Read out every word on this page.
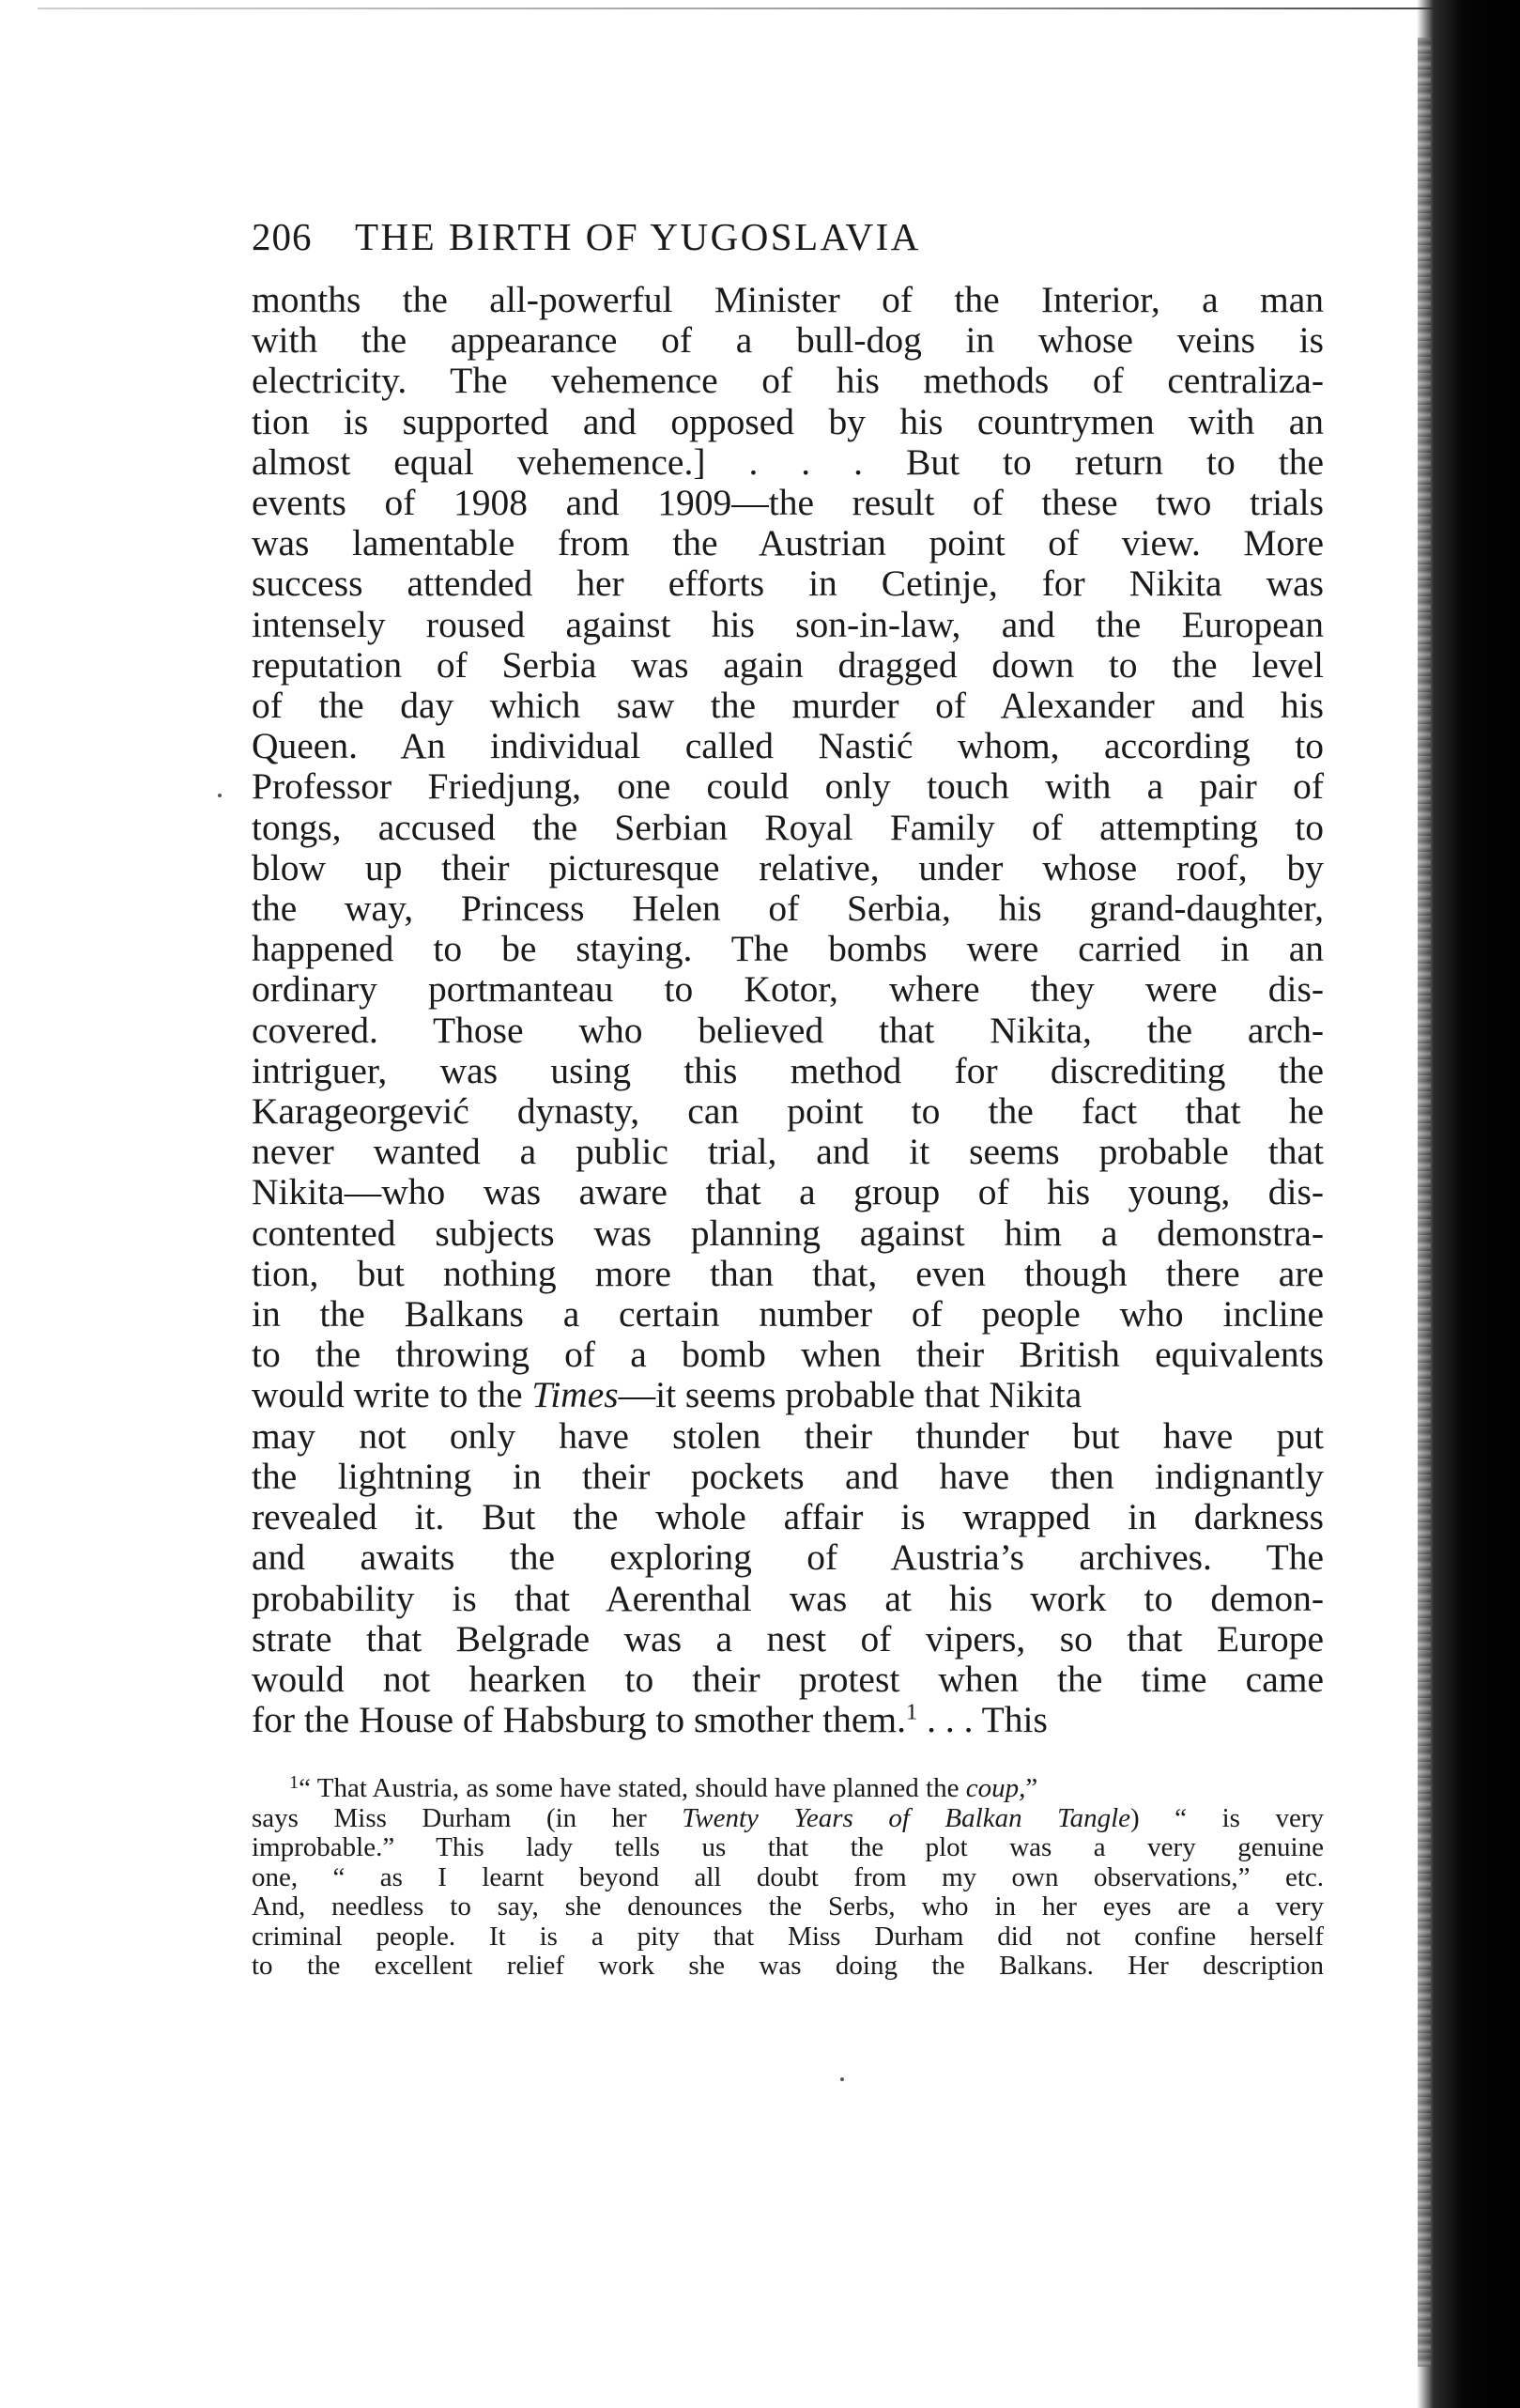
206	THE BIRTH OF YUGOSLAVIA
months the all-powerful Minister of the Interior, a man
with the appearance of a bull-dog in whose veins is
electricity. The vehemence of his methods of centraliza-
tion is supported and opposed by his countrymen with an
almost equal vehemence.] . . . But to return to the
events of 1908 and 1909—the result of these two trials
was lamentable from the Austrian point of view. More
success attended her efforts in Cetinje, for Nikita was
intensely roused against his son-in-law, and the European
reputation of Serbia was again dragged down to the level
of the day which saw the murder of Alexander and his
Queen. An individual called Nastić whom, according to
Professor Friedjung, one could only touch with a pair of
tongs, accused the Serbian Royal Family of attempting to
blow up their picturesque relative, under whose roof, by
the way, Princess Helen of Serbia, his grand-daughter,
happened to be staying. The bombs were carried in an
ordinary portmanteau to Kotor, where they were dis-
covered. Those who believed that Nikita, the arch-
intriguer, was using this method for discrediting the
Karageorgević dynasty, can point to the fact that he
never wanted a public trial, and it seems probable that
Nikita—who was aware that a group of his young, dis-
contented subjects was planning against him a demonstra-
tion, but nothing more than that, even though there are
in the Balkans a certain number of people who incline
to the throwing of a bomb when their British equivalents
would write to the Times—it seems probable that Nikita
may not only have stolen their thunder but have put
the lightning in their pockets and have then indignantly
revealed it. But the whole affair is wrapped in darkness
and awaits the exploring of Austria’s archives. The
probability is that Aerenthal was at his work to demon-
strate that Belgrade was a nest of vipers, so that Europe
would not hearken to their protest when the time came
for the House of Habsburg to smother them.$^1$ . . . This
$^1$“ That Austria, as some have stated, should have planned the coup,”
says Miss Durham (in her Twenty Years of Balkan Tangle) “ is very
improbable.” This lady tells us that the plot was a very genuine
one, “ as I learnt beyond all doubt from my own observations,” etc.
And, needless to say, she denounces the Serbs, who in her eyes are a very
criminal people. It is a pity that Miss Durham did not confine herself
to the excellent relief work she was doing the Balkans. Her description
